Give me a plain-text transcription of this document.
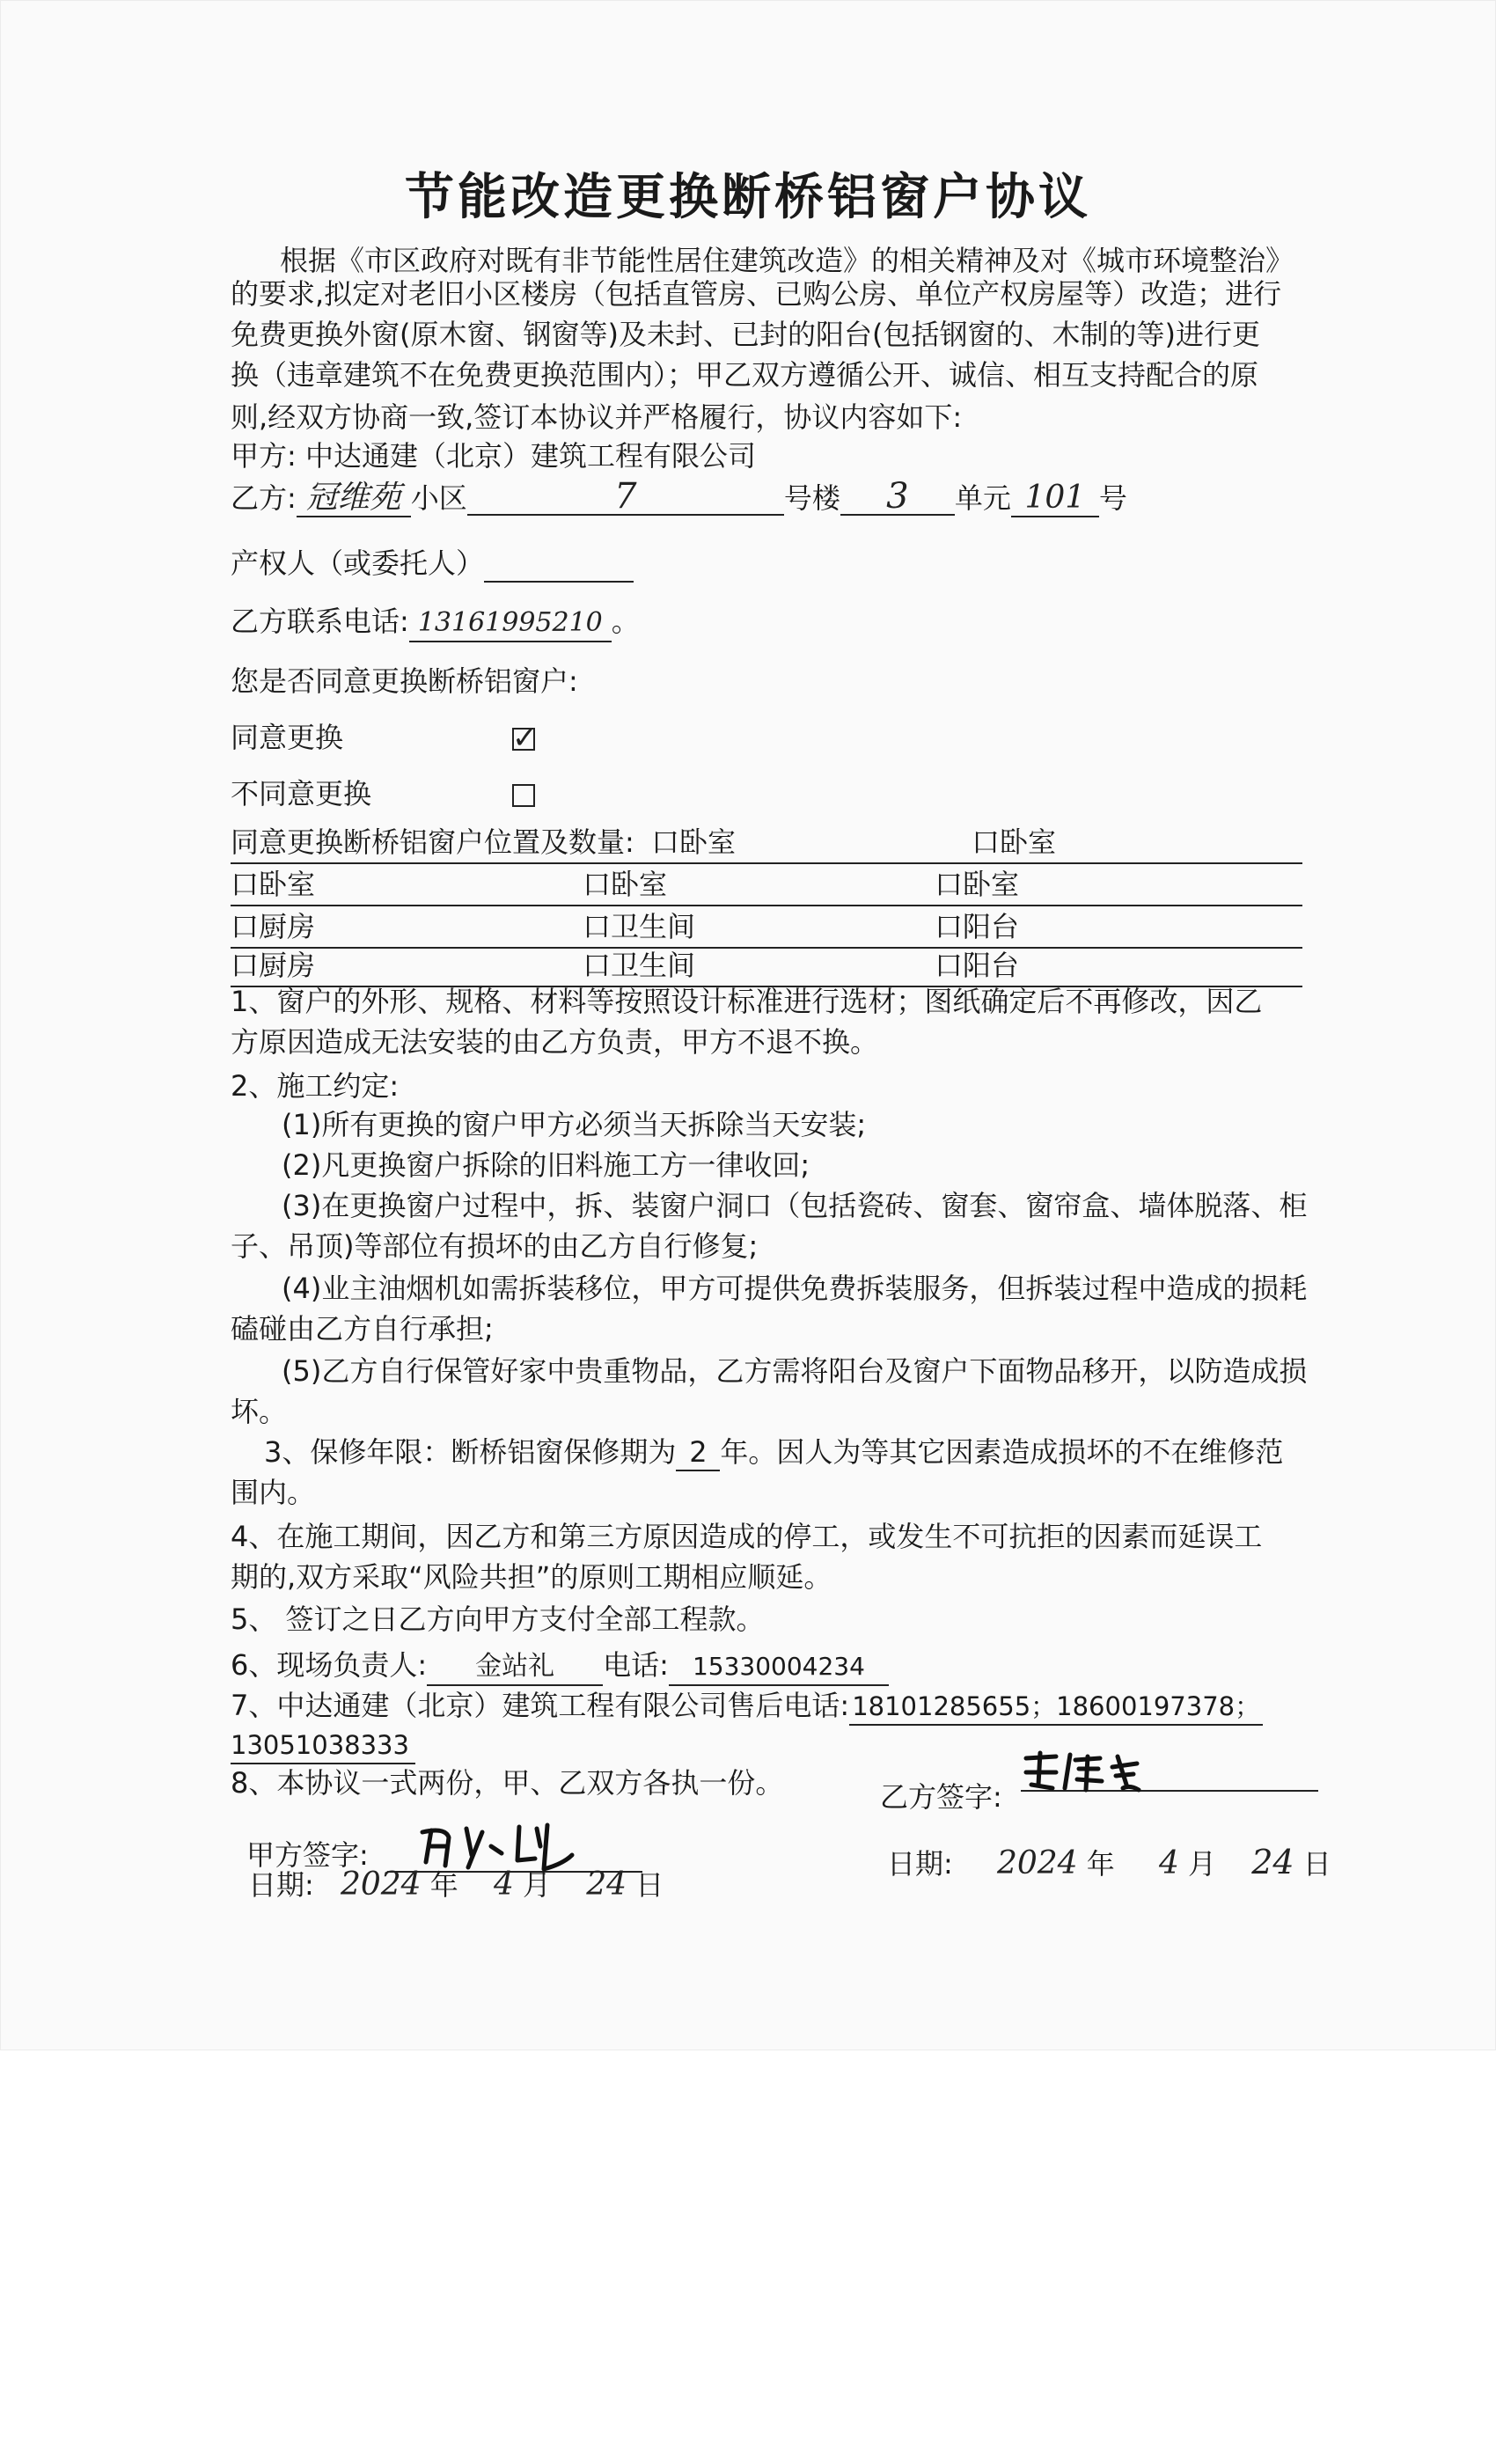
节能改造更换断桥铝窗户协议
根据《市区政府对既有非节能性居住建筑改造》的相关精神及对《城市环境整治》
的要求,拟定对老旧小区楼房（包括直管房、已购公房、单位产权房屋等）改造；进行
免费更换外窗(原木窗、钢窗等)及未封、已封的阳台(包括钢窗的、木制的等)进行更
换（违章建筑不在免费更换范围内）；甲乙双方遵循公开、诚信、相互支持配合的原
则,经双方协商一致,签订本协议并严格履行，协议内容如下:
甲方: 中达通建（北京）建筑工程有限公司
乙方: 冠维苑 小区	7	号楼 3 单元 101 号
产权人（或委托人）
乙方联系电话: 13161995210 。
您是否同意更换断桥铝窗户:
同意更换	✓
不同意更换
同意更换断桥铝窗户位置及数量: 口卧室	口卧室
口卧室	口卧室	口卧室
口厨房	口卫生间	口阳台
口厨房	口卫生间	口阳台
1、窗户的外形、规格、材料等按照设计标准进行选材；图纸确定后不再修改，因乙
方原因造成无法安装的由乙方负责，甲方不退不换。
2、施工约定:
(1)所有更换的窗户甲方必须当天拆除当天安装;
(2)凡更换窗户拆除的旧料施工方一律收回;
(3)在更换窗户过程中，拆、装窗户洞口（包括瓷砖、窗套、窗帘盒、墙体脱落、柜
子、吊顶)等部位有损坏的由乙方自行修复;
(4)业主油烟机如需拆装移位，甲方可提供免费拆装服务，但拆装过程中造成的损耗
磕碰由乙方自行承担;
(5)乙方自行保管好家中贵重物品，乙方需将阳台及窗户下面物品移开，以防造成损
坏。
3、保修年限：断桥铝窗保修期为 2 年。因人为等其它因素造成损坏的不在维修范
围内。
4、在施工期间，因乙方和第三方原因造成的停工，或发生不可抗拒的因素而延误工
期的,双方采取“风险共担”的原则工期相应顺延。
5、 签订之日乙方向甲方支付全部工程款。
6、现场负责人: 金站礼 电话: 15330004234
7、中达通建（北京）建筑工程有限公司售后电话: 18101285655；18600197378；
13051038333
8、本协议一式两份，甲、乙双方各执一份。
甲方签字:
乙方签字:
日期: 2024 年 4 月 24 日
日期: 2024 年 4 月 24 日
